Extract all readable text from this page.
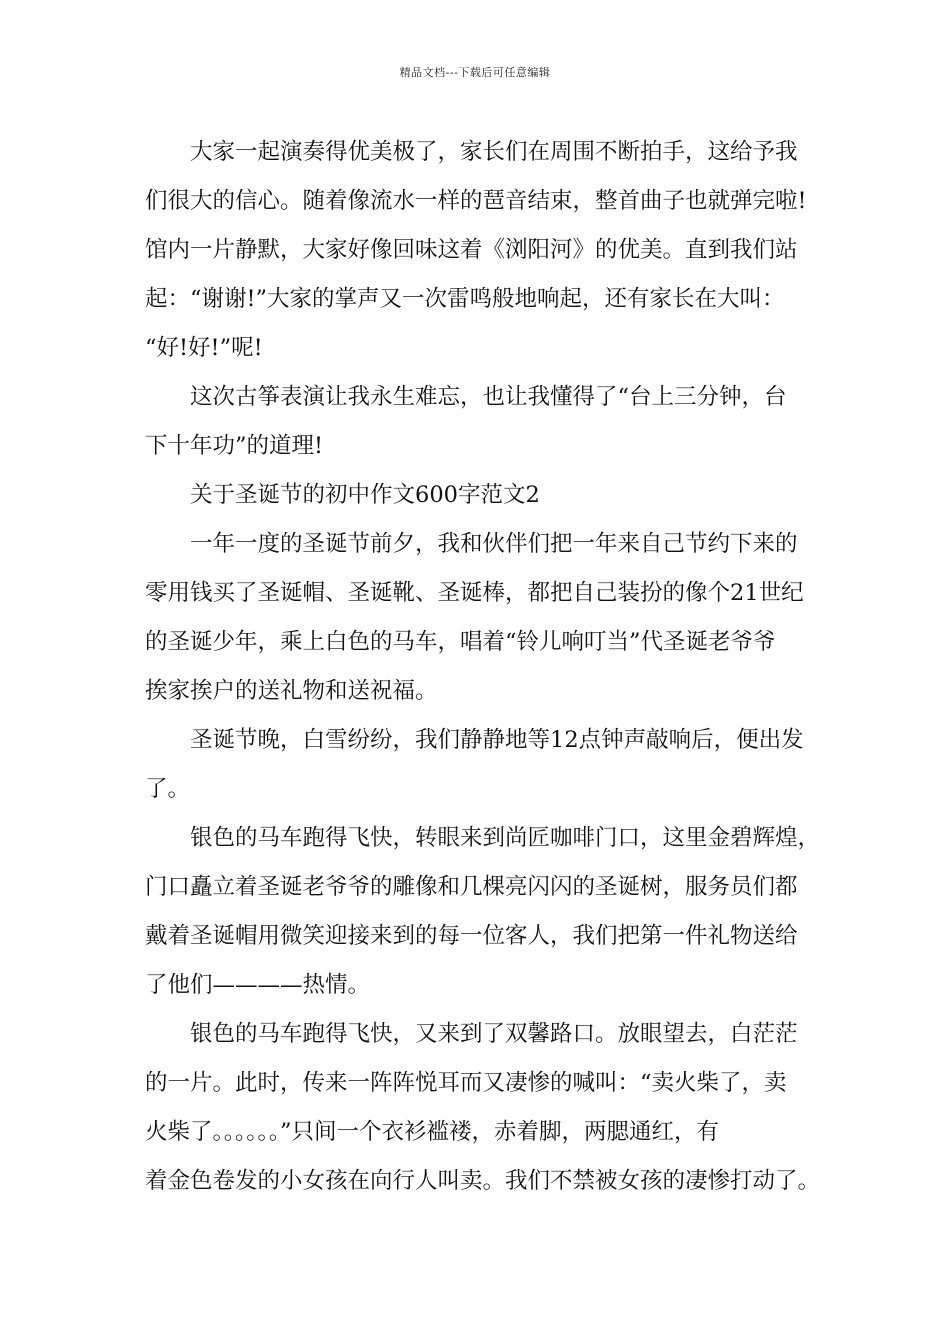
精品文档---下载后可任意编辑
大家一起演奏得优美极了，家长们在周围不断拍手，这给予我
们很大的信心。随着像流水一样的琶音结束，整首曲子也就弹完啦!
馆内一片静默，大家好像回味这着《浏阳河》的优美。直到我们站
起：“谢谢!”大家的掌声又一次雷鸣般地响起，还有家长在大叫：
“好!好!”呢!
这次古筝表演让我永生难忘，也让我懂得了“台上三分钟，台
下十年功”的道理!
关于圣诞节的初中作文600字范文2
一年一度的圣诞节前夕，我和伙伴们把一年来自己节约下来的
零用钱买了圣诞帽、圣诞靴、圣诞棒，都把自己装扮的像个21世纪
的圣诞少年，乘上白色的马车，唱着“铃儿响叮当”代圣诞老爷爷
挨家挨户的送礼物和送祝福。
圣诞节晚，白雪纷纷，我们静静地等12点钟声敲响后，便出发
了。
银色的马车跑得飞快，转眼来到尚匠咖啡门口，这里金碧辉煌，
门口矗立着圣诞老爷爷的雕像和几棵亮闪闪的圣诞树，服务员们都
戴着圣诞帽用微笑迎接来到的每一位客人，我们把第一件礼物送给
了他们————热情。
银色的马车跑得飞快，又来到了双馨路口。放眼望去，白茫茫
的一片。此时，传来一阵阵悦耳而又凄惨的喊叫：“卖火柴了，卖
火柴了。。。。。。”只间一个衣衫褴褛，赤着脚，两腮通红，有
着金色卷发的小女孩在向行人叫卖。我们不禁被女孩的凄惨打动了。
